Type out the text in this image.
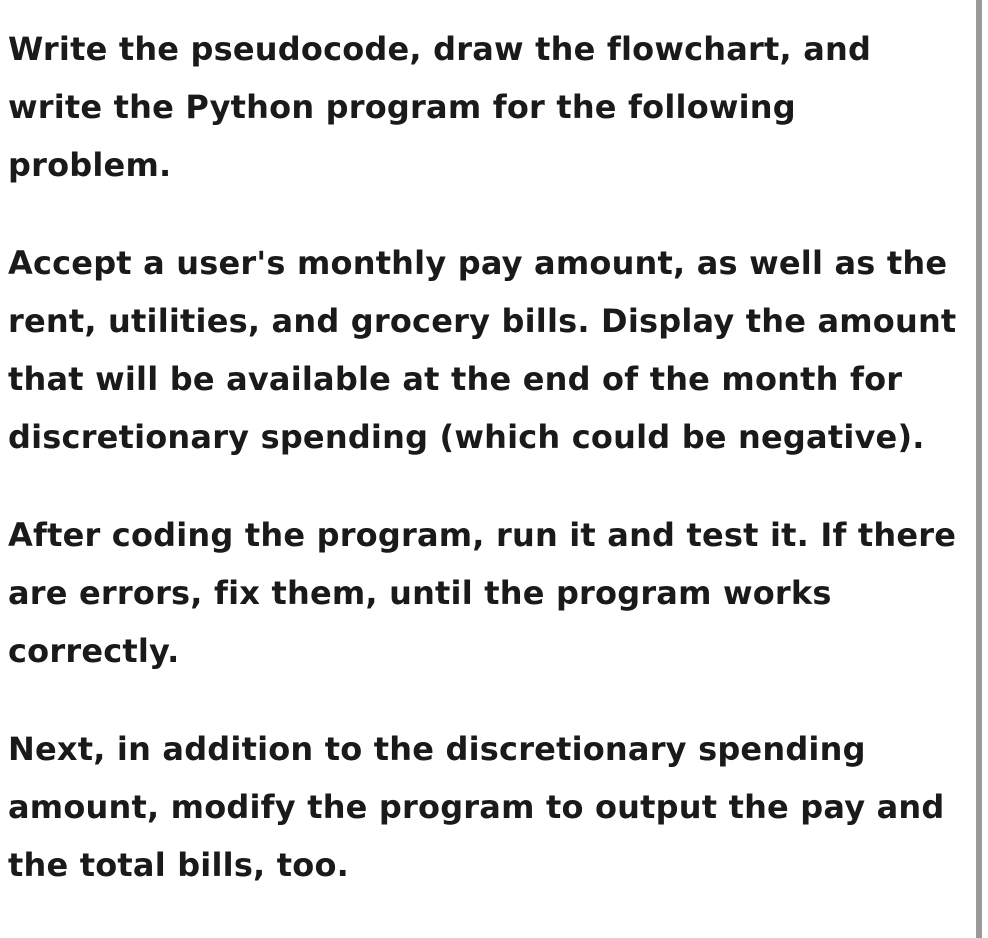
Write the pseudocode, draw the flowchart, and write the Python program for the following problem.

Accept a user's monthly pay amount, as well as the rent, utilities, and grocery bills. Display the amount that will be available at the end of the month for discretionary spending (which could be negative).

After coding the program, run it and test it. If there are errors, fix them, until the program works correctly.

Next, in addition to the discretionary spending amount, modify the program to output the pay and the total bills, too.
